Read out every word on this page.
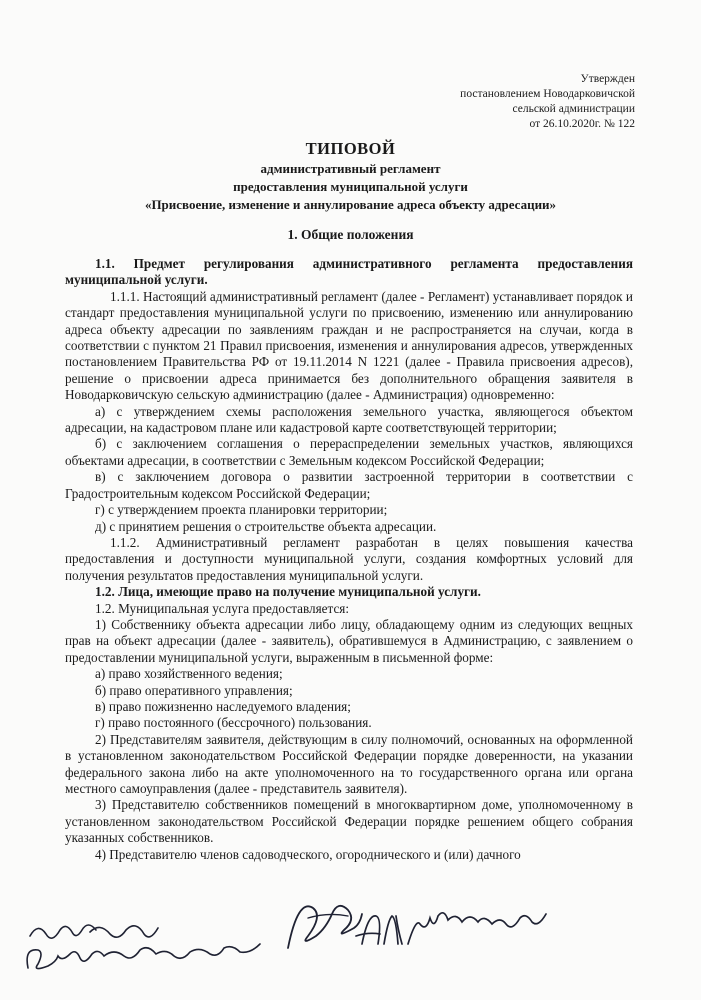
Утвержден
постановлением Новодарковичской
сельской администрации
от 26.10.2020г. № 122
ТИПОВОЙ
административный регламент
предоставления муниципальной услуги
«Присвоение, изменение и аннулирование адреса объекту адресации»
1. Общие положения

1.1. Предмет регулирования административного регламента предоставления муниципальной услуги.

1.1.1. Настоящий административный регламент (далее - Регламент) устанавливает порядок и стандарт предоставления муниципальной услуги по присвоению, изменению или аннулированию адреса объекту адресации по заявлениям граждан и не распространяется на случаи, когда в соответствии с пунктом 21 Правил присвоения, изменения и аннулирования адресов, утвержденных постановлением Правительства РФ от 19.11.2014 N 1221 (далее - Правила присвоения адресов), решение о присвоении адреса принимается без дополнительного обращения заявителя в Новодарковичскую сельскую администрацию (далее - Администрация) одновременно:

а) с утверждением схемы расположения земельного участка, являющегося объектом адресации, на кадастровом плане или кадастровой карте соответствующей территории;

б) с заключением соглашения о перераспределении земельных участков, являющихся объектами адресации, в соответствии с Земельным кодексом Российской Федерации;

в) с заключением договора о развитии застроенной территории в соответствии с Градостроительным кодексом Российской Федерации;

г) с утверждением проекта планировки территории;

д) с принятием решения о строительстве объекта адресации.

1.1.2. Административный регламент разработан в целях повышения качества предоставления и доступности муниципальной услуги, создания комфортных условий для получения результатов предоставления муниципальной услуги.

1.2. Лица, имеющие право на получение муниципальной услуги.

1.2. Муниципальная услуга предоставляется:

1) Собственнику объекта адресации либо лицу, обладающему одним из следующих вещных прав на объект адресации (далее - заявитель), обратившемуся в Администрацию, с заявлением о предоставлении муниципальной услуги, выраженным в письменной форме:

а) право хозяйственного ведения;

б) право оперативного управления;

в) право пожизненно наследуемого владения;

г) право постоянного (бессрочного) пользования.

2) Представителям заявителя, действующим в силу полномочий, основанных на оформленной в установленном законодательством Российской Федерации порядке доверенности, на указании федерального закона либо на акте уполномоченного на то государственного органа или органа местного самоуправления (далее - представитель заявителя).

3) Представителю собственников помещений в многоквартирном доме, уполномоченному в установленном законодательством Российской Федерации порядке решением общего собрания указанных собственников.

4) Представителю членов садоводческого, огороднического и (или) дачного
